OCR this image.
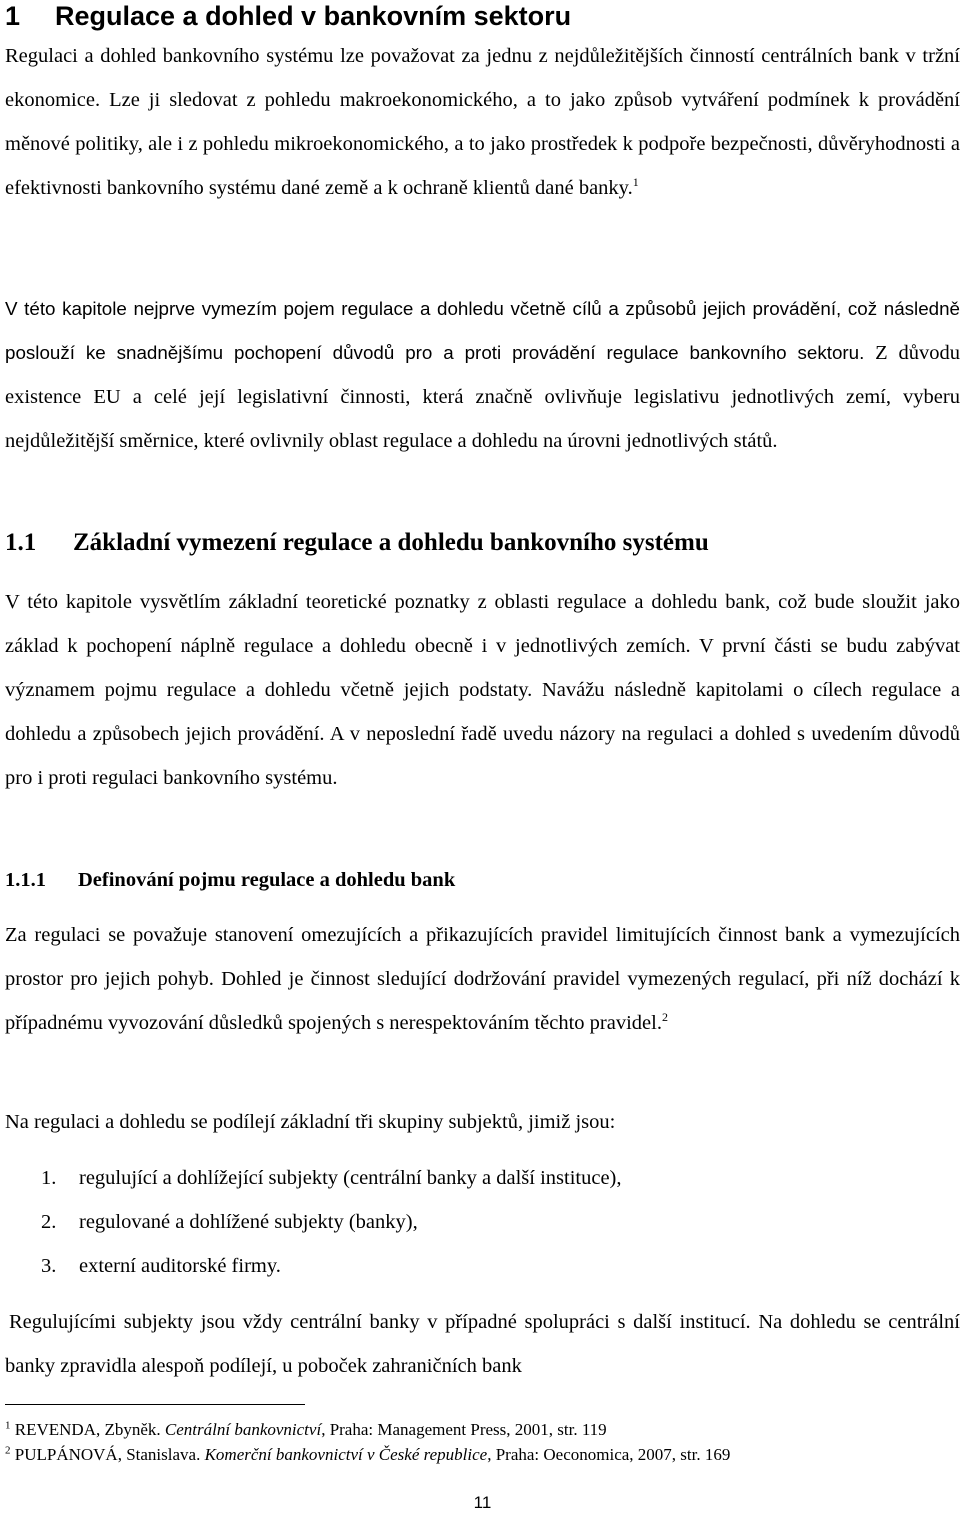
1 Regulace a dohled v bankovním sektoru
Regulaci a dohled bankovního systému lze považovat za jednu z nejdůležitějších činností centrálních bank v tržní ekonomice. Lze ji sledovat z pohledu makroekonomického, a to jako způsob vytváření podmínek k provádění měnové politiky, ale i z pohledu mikroekonomického, a to jako prostředek k podpoře bezpečnosti, důvěryhodnosti a efektivnosti bankovního systému dané země a k ochraně klientů dané banky.$^1$
V této kapitole nejprve vymezím pojem regulace a dohledu včetně cílů a způsobů jejich provádění, což následně poslouží ke snadnějšímu pochopení důvodů pro a proti provádění regulace bankovního sektoru. Z důvodu existence EU a celé její legislativní činnosti, která značně ovlivňuje legislativu jednotlivých zemí, vyberu nejdůležitější směrnice, které ovlivnily oblast regulace a dohledu na úrovni jednotlivých států.
1.1 Základní vymezení regulace a dohledu bankovního systému
V této kapitole vysvětlím základní teoretické poznatky z oblasti regulace a dohledu bank, což bude sloužit jako základ k pochopení náplně regulace a dohledu obecně i v jednotlivých zemích. V první části se budu zabývat významem pojmu regulace a dohledu včetně jejich podstaty. Navážu následně kapitolami o cílech regulace a dohledu a způsobech jejich provádění. A v neposlední řadě uvedu názory na regulaci a dohled s uvedením důvodů pro i proti regulaci bankovního systému.
1.1.1 Definování pojmu regulace a dohledu bank
Za regulaci se považuje stanovení omezujících a přikazujících pravidel limitujících činnost bank a vymezujících prostor pro jejich pohyb. Dohled je činnost sledující dodržování pravidel vymezených regulací, při níž dochází k případnému vyvozování důsledků spojených s nerespektováním těchto pravidel.$^2$
Na regulaci a dohledu se podílejí základní tři skupiny subjektů, jimiž jsou:
1. regulující a dohlížející subjekty (centrální banky a další instituce),
2. regulované a dohlížené subjekty (banky),
3. externí auditorské firmy.
Regulujícími subjekty jsou vždy centrální banky v případné spolupráci s další institucí. Na dohledu se centrální banky zpravidla alespoň podílejí, u poboček zahraničních bank
$^1$ REVENDA, Zbyněk. Centrální bankovnictví, Praha: Management Press, 2001, str. 119
$^2$ PULPÁNOVÁ, Stanislava. Komerční bankovnictví v České republice, Praha: Oeconomica, 2007, str. 169
11
